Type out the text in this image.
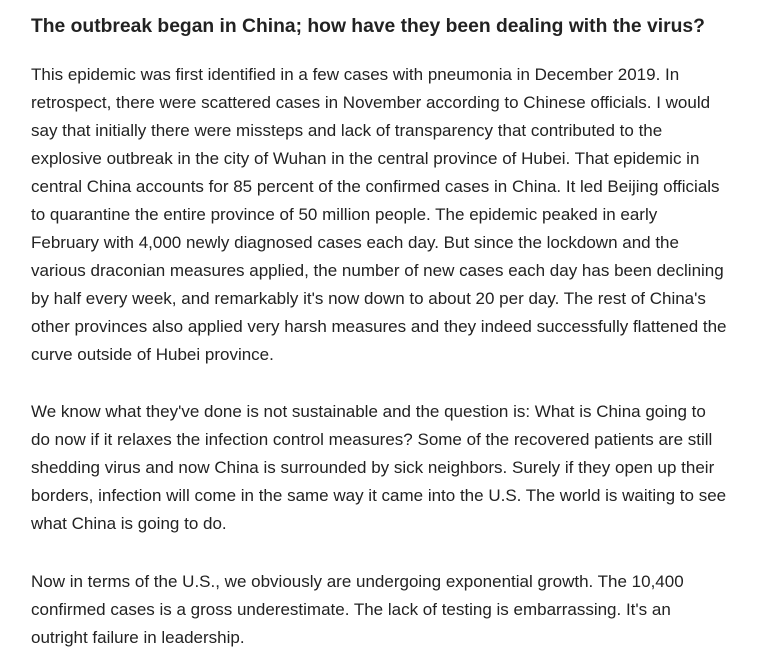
The outbreak began in China; how have they been dealing with the virus?

This epidemic was first identified in a few cases with pneumonia in December 2019. In
retrospect, there were scattered cases in November according to Chinese officials. I would
say that initially there were missteps and lack of transparency that contributed to the
explosive outbreak in the city of Wuhan in the central province of Hubei. That epidemic in
central China accounts for 85 percent of the confirmed cases in China. It led Beijing officials
to quarantine the entire province of 50 million people. The epidemic peaked in early
February with 4,000 newly diagnosed cases each day. But since the lockdown and the
various draconian measures applied, the number of new cases each day has been declining
by half every week, and remarkably it's now down to about 20 per day. The rest of China's
other provinces also applied very harsh measures and they indeed successfully flattened the
curve outside of Hubei province.

We know what they've done is not sustainable and the question is: What is China going to
do now if it relaxes the infection control measures? Some of the recovered patients are still
shedding virus and now China is surrounded by sick neighbors. Surely if they open up their
borders, infection will come in the same way it came into the U.S. The world is waiting to see
what China is going to do.

Now in terms of the U.S., we obviously are undergoing exponential growth. The 10,400
confirmed cases is a gross underestimate. The lack of testing is embarrassing. It's an
outright failure in leadership.
